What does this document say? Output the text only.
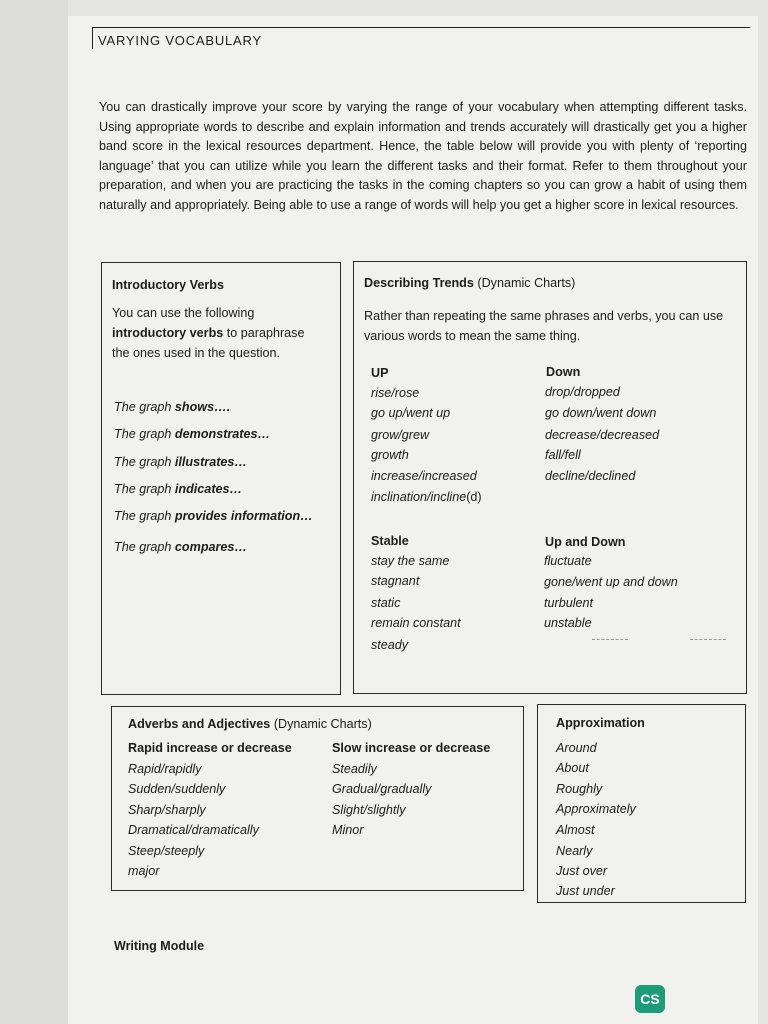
VARYING VOCABULARY

You can drastically improve your score by varying the range of your vocabulary when attempting different tasks. Using appropriate words to describe and explain information and trends accurately will drastically get you a higher band score in the lexical resources department. Hence, the table below will provide you with plenty of ‘reporting language’ that you can utilize while you learn the different tasks and their format. Refer to them throughout your preparation, and when you are practicing the tasks in the coming chapters so you can grow a habit of using them naturally and appropriately. Being able to use a range of words will help you get a higher score in lexical resources.

Introductory Verbs
You can use the following
introductory verbs to paraphrase
the ones used in the question.
The graph shows….
The graph demonstrates…
The graph illustrates…
The graph indicates…
The graph provides information…
The graph compares…
Describing Trends (Dynamic Charts)

Rather than repeating the same phrases and verbs, you can use various words to mean the same thing.

UP
rise/rose
go up/went up
grow/grew
growth
increase/increased
inclination/incline(d)
Down
drop/dropped
go down/went down
decrease/decreased
fall/fell
decline/declined
Stable
stay the same
stagnant
static
remain constant
steady
Up and Down
fluctuate
gone/went up and down
turbulent
unstable
Adverbs and Adjectives (Dynamic Charts)
Rapid increase or decrease
Rapid/rapidly
Sudden/suddenly
Sharp/sharply
Dramatical/dramatically
Steep/steeply
major
Slow increase or decrease
Steadily
Gradual/gradually
Slight/slightly
Minor
Approximation
Around
About
Roughly
Approximately
Almost
Nearly
Just over
Just under
Writing Module
CS
